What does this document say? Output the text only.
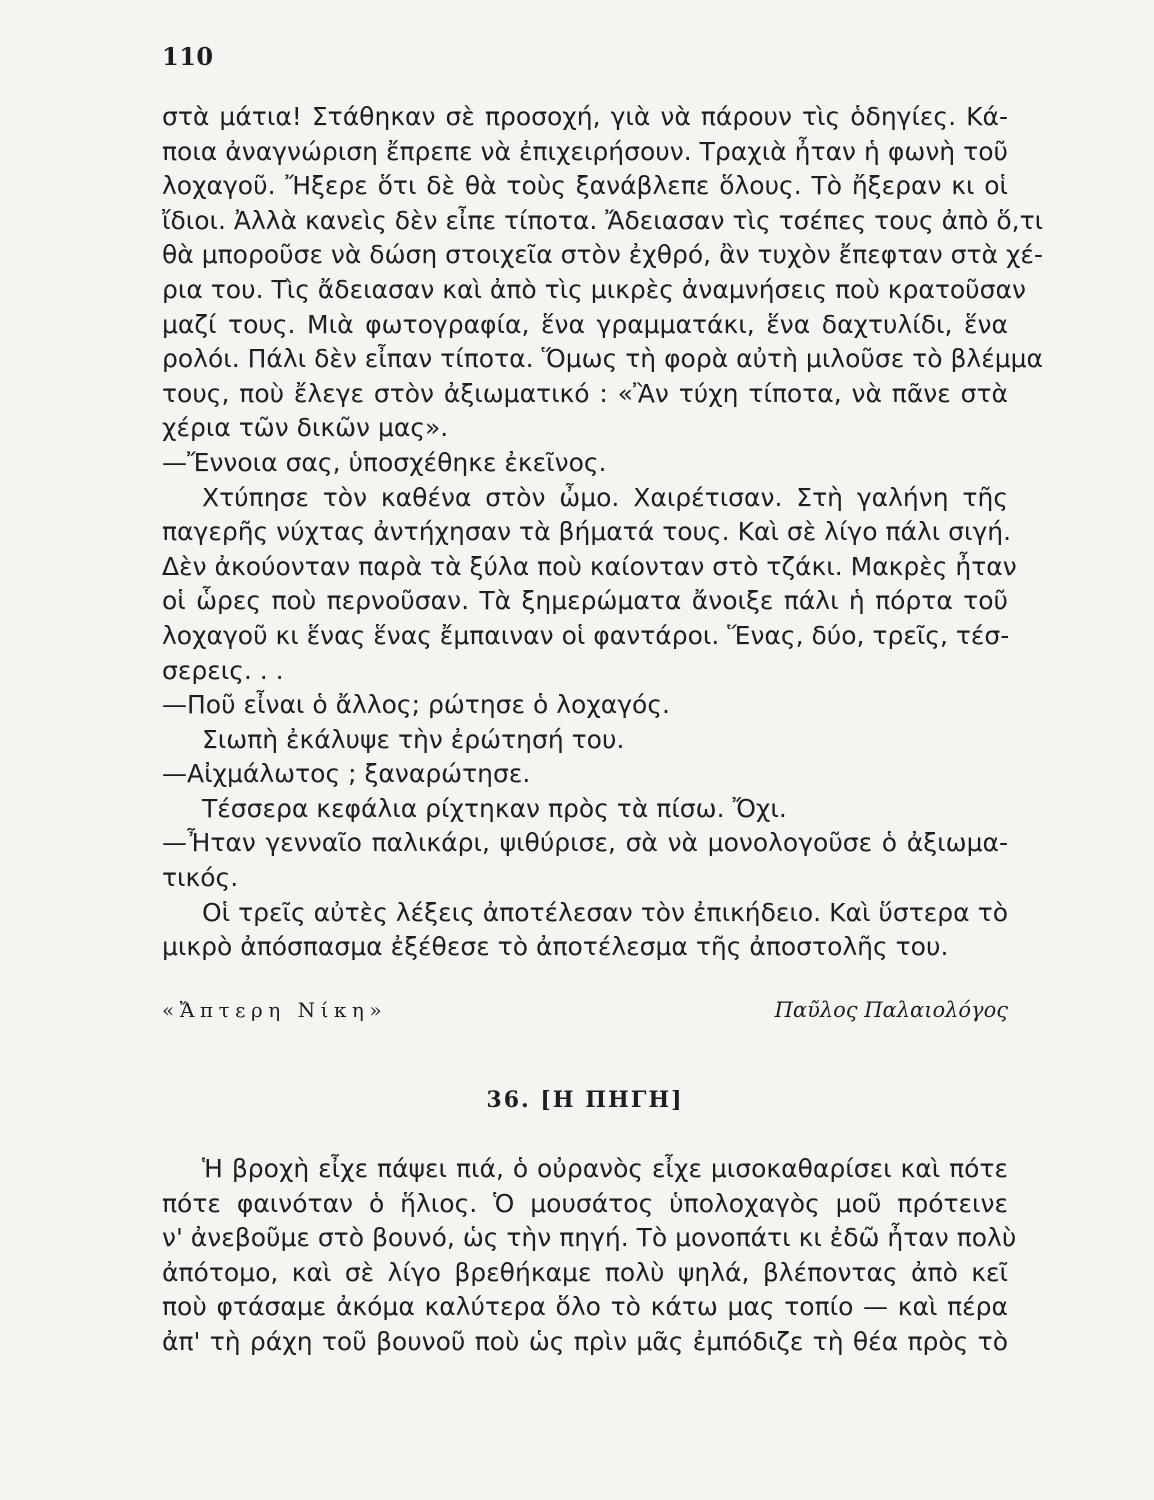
110
στὰ μάτια! Στάθηκαν σὲ προσοχή, γιὰ νὰ πάρουν τὶς ὁδηγίες. Κά-
ποια ἀναγνώριση ἔπρεπε νὰ ἐπιχειρήσουν. Τραχιὰ ἦταν ἡ φωνὴ τοῦ
λοχαγοῦ. Ἤξερε ὅτι δὲ θὰ τοὺς ξανάβλεπε ὅλους. Τὸ ἤξεραν κι οἱ
ἴδιοι. Ἀλλὰ κανεὶς δὲν εἶπε τίποτα. Ἄδειασαν τὶς τσέπες τους ἀπὸ ὅ,τι
θὰ μποροῦσε νὰ δώση στοιχεῖα στὸν ἐχθρό, ἂν τυχὸν ἔπεφταν στὰ χέ-
ρια του. Τὶς ἄδειασαν καὶ ἀπὸ τὶς μικρὲς ἀναμνήσεις ποὺ κρατοῦσαν
μαζί τους. Μιὰ φωτογραφία, ἕνα γραμματάκι, ἕνα δαχτυλίδι, ἕνα
ρολόι. Πάλι δὲν εἶπαν τίποτα. Ὅμως τὴ φορὰ αὐτὴ μιλοῦσε τὸ βλέμμα
τους, ποὺ ἔλεγε στὸν ἀξιωματικό : «Ἂν τύχη τίποτα, νὰ πᾶνε στὰ
χέρια τῶν δικῶν μας».
—Ἔννοια σας, ὑποσχέθηκε ἐκεῖνος.
Χτύπησε τὸν καθένα στὸν ὦμο. Χαιρέτισαν. Στὴ γαλήνη τῆς
παγερῆς νύχτας ἀντήχησαν τὰ βήματά τους. Καὶ σὲ λίγο πάλι σιγή.
Δὲν ἀκούονταν παρὰ τὰ ξύλα ποὺ καίονταν στὸ τζάκι. Μακρὲς ἦταν
οἱ ὧρες ποὺ περνοῦσαν. Τὰ ξημερώματα ἄνοιξε πάλι ἡ πόρτα τοῦ
λοχαγοῦ κι ἕνας ἕνας ἔμπαιναν οἱ φαντάροι. Ἕνας, δύο, τρεῖς, τέσ-
σερεις. . .
—Ποῦ εἶναι ὁ ἄλλος; ρώτησε ὁ λοχαγός.
Σιωπὴ ἐκάλυψε τὴν ἐρώτησή του.
—Αἰχμάλωτος ; ξαναρώτησε.
Τέσσερα κεφάλια ρίχτηκαν πρὸς τὰ πίσω. Ὄχι.
—Ἦταν γενναῖο παλικάρι, ψιθύρισε, σὰ νὰ μονολογοῦσε ὁ ἀξιωμα-
τικός.
Οἱ τρεῖς αὐτὲς λέξεις ἀποτέλεσαν τὸν ἐπικήδειο. Καὶ ὕστερα τὸ
μικρὸ ἀπόσπασμα ἐξέθεσε τὸ ἀποτέλεσμα τῆς ἀποστολῆς του.
«Ἄπτερη Νίκη»	Παῦλος Παλαιολόγος
36. [Η ΠΗΓΗ]
Ἡ βροχὴ εἶχε πάψει πιά, ὁ οὐρανὸς εἶχε μισοκαθαρίσει καὶ πότε
πότε φαινόταν ὁ ἥλιος. Ὁ μουσάτος ὑπολοχαγὸς μοῦ πρότεινε
ν' ἀνεβοῦμε στὸ βουνό, ὡς τὴν πηγή. Τὸ μονοπάτι κι ἐδῶ ἦταν πολὺ
ἀπότομο, καὶ σὲ λίγο βρεθήκαμε πολὺ ψηλά, βλέποντας ἀπὸ κεῖ
ποὺ φτάσαμε ἀκόμα καλύτερα ὅλο τὸ κάτω μας τοπίο — καὶ πέρα
ἀπ' τὴ ράχη τοῦ βουνοῦ ποὺ ὡς πρὶν μᾶς ἐμπόδιζε τὴ θέα πρὸς τὸ
